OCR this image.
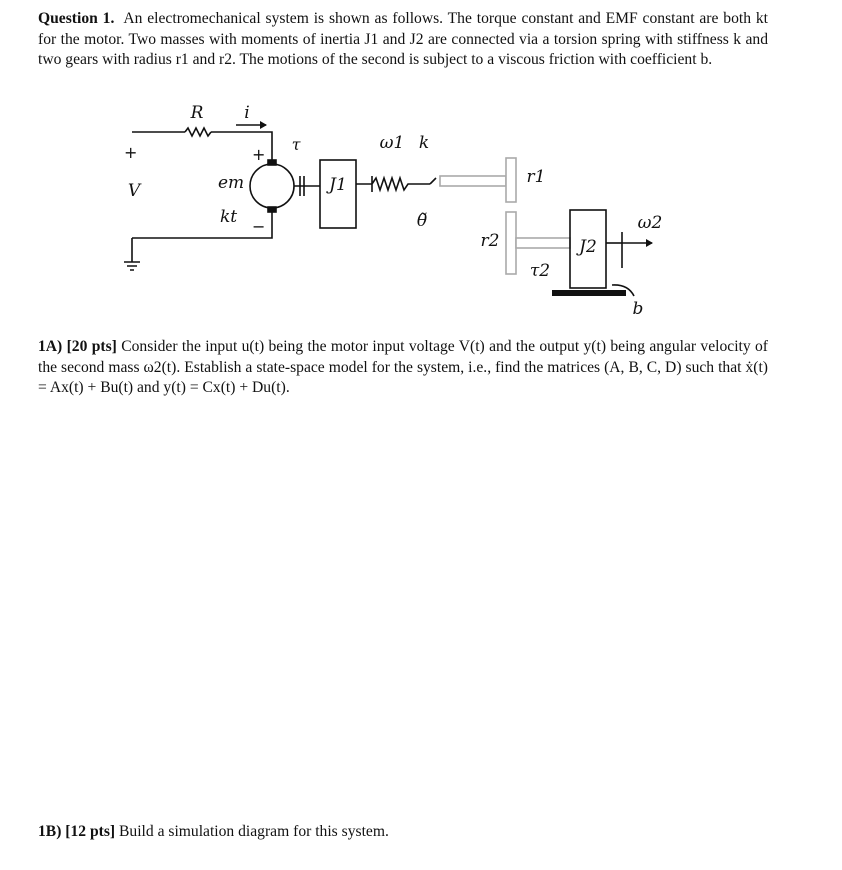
Question 1. An electromechanical system is shown as follows. The torque constant and EMF constant are both kt for the motor. Two masses with moments of inertia J1 and J2 are connected via a torsion spring with stiffness k and two gears with radius r1 and r2. The motions of the second is subject to a viscous friction with coefficient b.
+
V
R i
+
−
em
kt
τ
J1
ω1 k
θ̃
r1
r2
τ2
J2
ω2
b
1A) [20 pts] Consider the input u(t) being the motor input voltage V(t) and the output y(t) being angular velocity of the second mass ω2(t). Establish a state-space model for the system, i.e., find the matrices (A, B, C, D) such that ẋ(t) = Ax(t) + Bu(t) and y(t) = Cx(t) + Du(t).
1B) [12 pts] Build a simulation diagram for this system.
